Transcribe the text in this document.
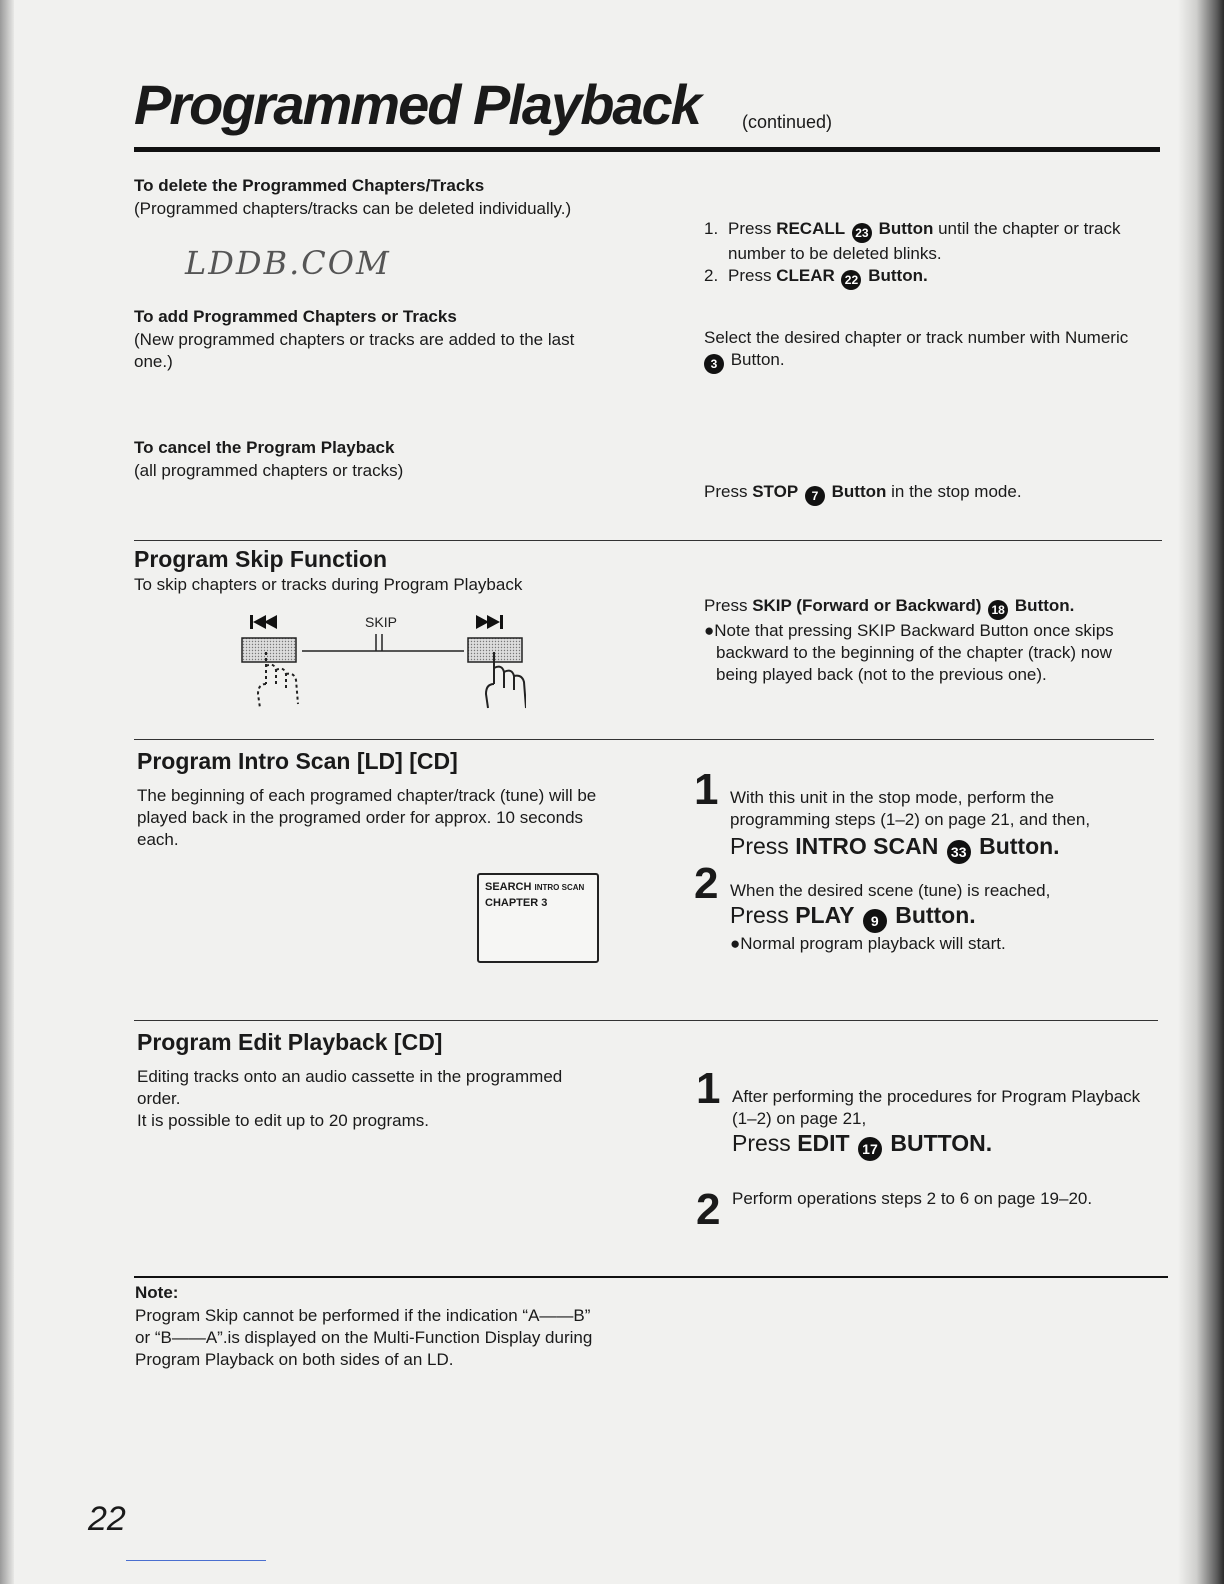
Programmed Playback (continued)
To delete the Programmed Chapters/Tracks
(Programmed chapters/tracks can be deleted individually.)
LDDB.COM
1. Press RECALL 23 Button until the chapter or track number to be deleted blinks.
2. Press CLEAR 22 Button.
To add Programmed Chapters or Tracks
(New programmed chapters or tracks are added to the last one.)
Select the desired chapter or track number with Numeric
3 Button.
To cancel the Program Playback
(all programmed chapters or tracks)
Press STOP 7 Button in the stop mode.
Program Skip Function
To skip chapters or tracks during Program Playback
SKIP
Press SKIP (Forward or Backward) 18 Button.
●Note that pressing SKIP Backward Button once skips backward to the beginning of the chapter (track) now being played back (not to the previous one).
Program Intro Scan [LD] [CD]
The beginning of each programed chapter/track (tune) will be played back in the programed order for approx. 10 seconds each.
SEARCH INTRO SCAN
CHAPTER 3
1 With this unit in the stop mode, perform the programming steps (1–2) on page 21, and then,
Press INTRO SCAN 33 Button.
2 When the desired scene (tune) is reached,
Press PLAY 9 Button.
●Normal program playback will start.
Program Edit Playback [CD]
Editing tracks onto an audio cassette in the programmed order.
It is possible to edit up to 20 programs.
1 After performing the procedures for Program Playback (1–2) on page 21,
Press EDIT 17 BUTTON.
2 Perform operations steps 2 to 6 on page 19–20.
Note:
Program Skip cannot be performed if the indication “A——B” or “B——A”.is displayed on the Multi-Function Display during Program Playback on both sides of an LD.
22
